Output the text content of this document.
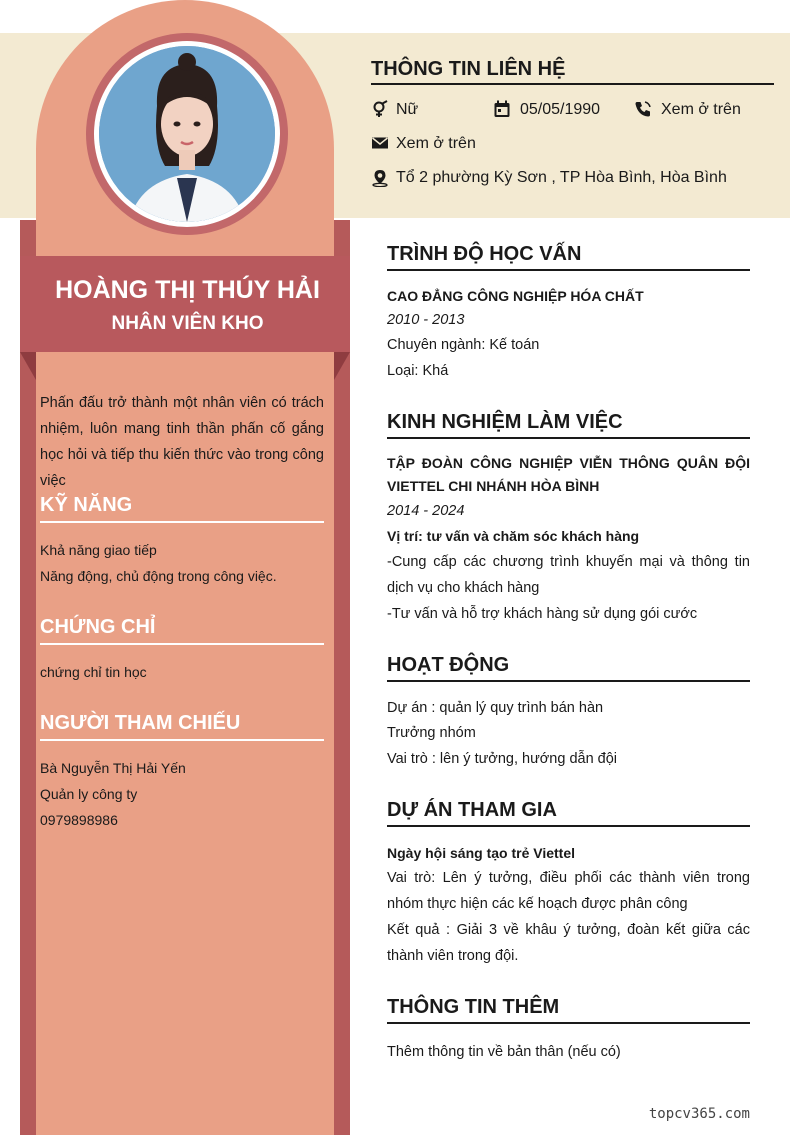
HOÀNG THỊ THÚY HẢI
NHÂN VIÊN KHO
Phấn đấu trở thành một nhân viên có trách nhiệm, luôn mang tinh thần phấn cố gắng học hỏi và tiếp thu kiến thức vào trong công việc
KỸ NĂNG
Khả năng giao tiếp
Năng động, chủ động trong công việc.
CHỨNG CHỈ
chứng chỉ tin học
NGƯỜI THAM CHIẾU
Bà Nguyễn Thị Hải Yến
Quản ly công ty
0979898986
THÔNG TIN LIÊN HỆ
Nữ	05/05/1990	Xem ở trên
Xem ở trên
Tổ 2 phường Kỳ Sơn , TP Hòa Bình, Hòa Bình
TRÌNH ĐỘ HỌC VẤN
CAO ĐẲNG CÔNG NGHIỆP HÓA CHẤT
2010 - 2013
Chuyên ngành: Kế toán
Loại: Khá
KINH NGHIỆM LÀM VIỆC
TẬP ĐOÀN CÔNG NGHIỆP VIỄN THÔNG QUÂN ĐỘI VIETTEL CHI NHÁNH HÒA BÌNH
2014 - 2024
Vị trí: tư vấn và chăm sóc khách hàng
-Cung cấp các chương trình khuyến mại và thông tin dịch vụ cho khách hàng
-Tư vấn và hỗ trợ khách hàng sử dụng gói cước
HOẠT ĐỘNG
Dự án : quản lý quy trình bán hàn
Trưởng nhóm
Vai trò : lên ý tưởng, hướng dẫn đội
DỰ ÁN THAM GIA
Ngày hội sáng tạo trẻ Viettel
Vai trò: Lên ý tưởng, điều phối các thành viên trong nhóm thực hiện các kế hoạch được phân công
Kết quả : Giải 3 về khâu ý tưởng, đoàn kết giữa các thành viên trong đội.
THÔNG TIN THÊM
Thêm thông tin về bản thân (nếu có)
topcv365.com
